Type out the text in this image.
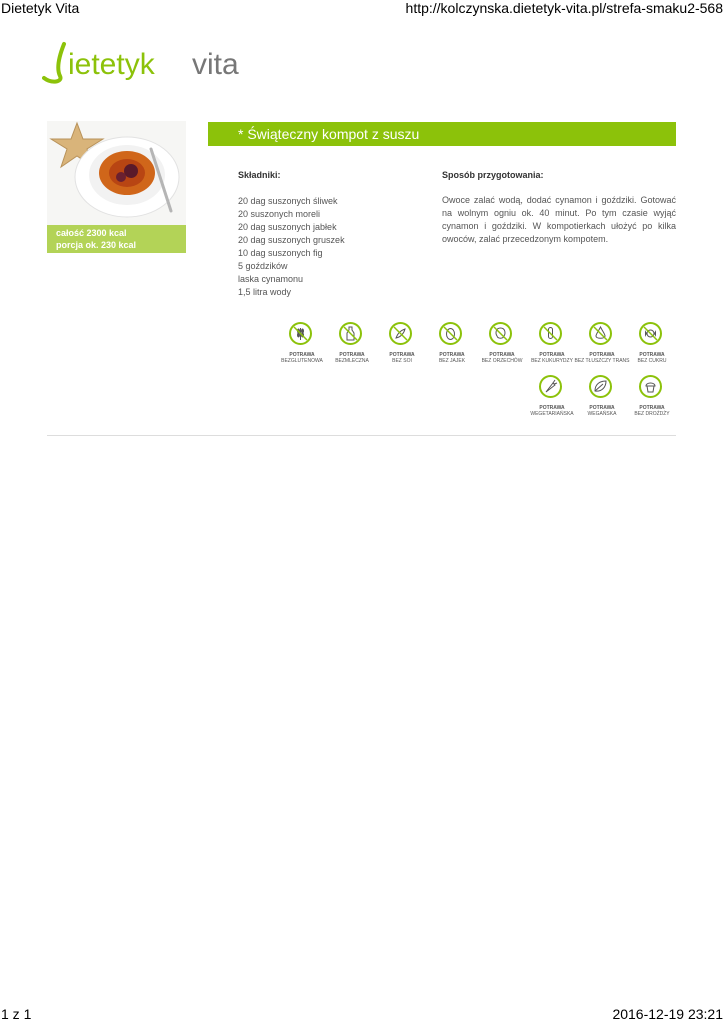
Dietetyk Vita	http://kolczynska.dietetyk-vita.pl/strefa-smaku2-568
ietetyk vita
całość 2300 kcal
porcja ok. 230 kcal
* Świąteczny kompot z suszu
Składniki:
20 dag suszonych śliwek
20 suszonych moreli
20 dag suszonych jabłek
20 dag suszonych gruszek
10 dag suszonych fig
5 goździków
laska cynamonu
1,5 litra wody
Sposób przygotowania:
Owoce zalać wodą, dodać cynamon i goździki. Gotować na wolnym ogniu ok. 40 minut. Po tym czasie wyjąć cynamon i goździki. W kompotierkach ułożyć po kilka owoców, zalać przecedzonym kompotem.
POTRAWA
BEZGLUTENOWA
POTRAWA
BEZMLECZNA
POTRAWA
BEZ SOI
POTRAWA
BEZ JAJEK
POTRAWA
BEZ ORZECHÓW
POTRAWA
BEZ KUKURYDZY
POTRAWA
BEZ TŁUSZCZY TRANS
POTRAWA
BEZ CUKRU
POTRAWA
WEGETARIAŃSKA
POTRAWA
WEGAŃSKA
POTRAWA
BEZ DROŻDŻY
1 z 1	2016-12-19 23:21
